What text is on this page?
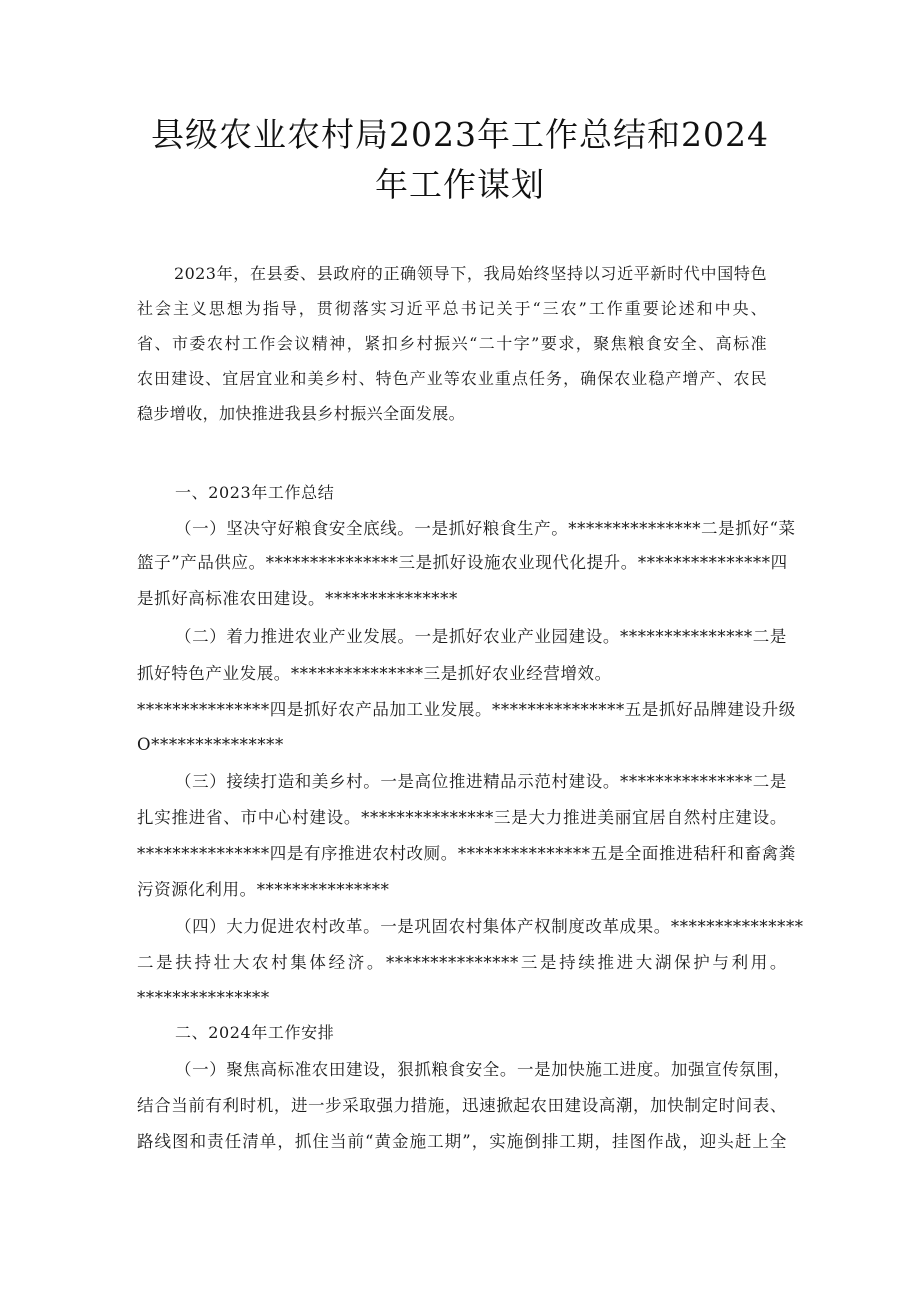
县级农业农村局2023年工作总结和2024
年工作谋划
2023年，在县委、县政府的正确领导下，我局始终坚持以习近平新时代中国特色
社会主义思想为指导，贯彻落实习近平总书记关于“三农”工作重要论述和中央、
省、市委农村工作会议精神，紧扣乡村振兴“二十字”要求，聚焦粮食安全、高标准
农田建设、宜居宜业和美乡村、特色产业等农业重点任务，确保农业稳产增产、农民
稳步增收，加快推进我县乡村振兴全面发展。
一、2023年工作总结
（一）坚决守好粮食安全底线。一是抓好粮食生产。***************二是抓好“菜
篮子”产品供应。***************三是抓好设施农业现代化提升。***************四
是抓好高标准农田建设。***************
（二）着力推进农业产业发展。一是抓好农业产业园建设。***************二是
抓好特色产业发展。***************三是抓好农业经营增效。
***************四是抓好农产品加工业发展。***************五是抓好品牌建设升级
O***************
（三）接续打造和美乡村。一是高位推进精品示范村建设。***************二是
扎实推进省、市中心村建设。***************三是大力推进美丽宜居自然村庄建设。
***************四是有序推进农村改厕。***************五是全面推进秸秆和畜禽粪
污资源化利用。***************
（四）大力促进农村改革。一是巩固农村集体产权制度改革成果。***************
二是扶持壮大农村集体经济。***************三是持续推进大湖保护与利用。
***************
二、2024年工作安排
（一）聚焦高标准农田建设，狠抓粮食安全。一是加快施工进度。加强宣传氛围，
结合当前有利时机，进一步采取强力措施，迅速掀起农田建设高潮，加快制定时间表、
路线图和责任清单，抓住当前“黄金施工期”，实施倒排工期，挂图作战，迎头赶上全
